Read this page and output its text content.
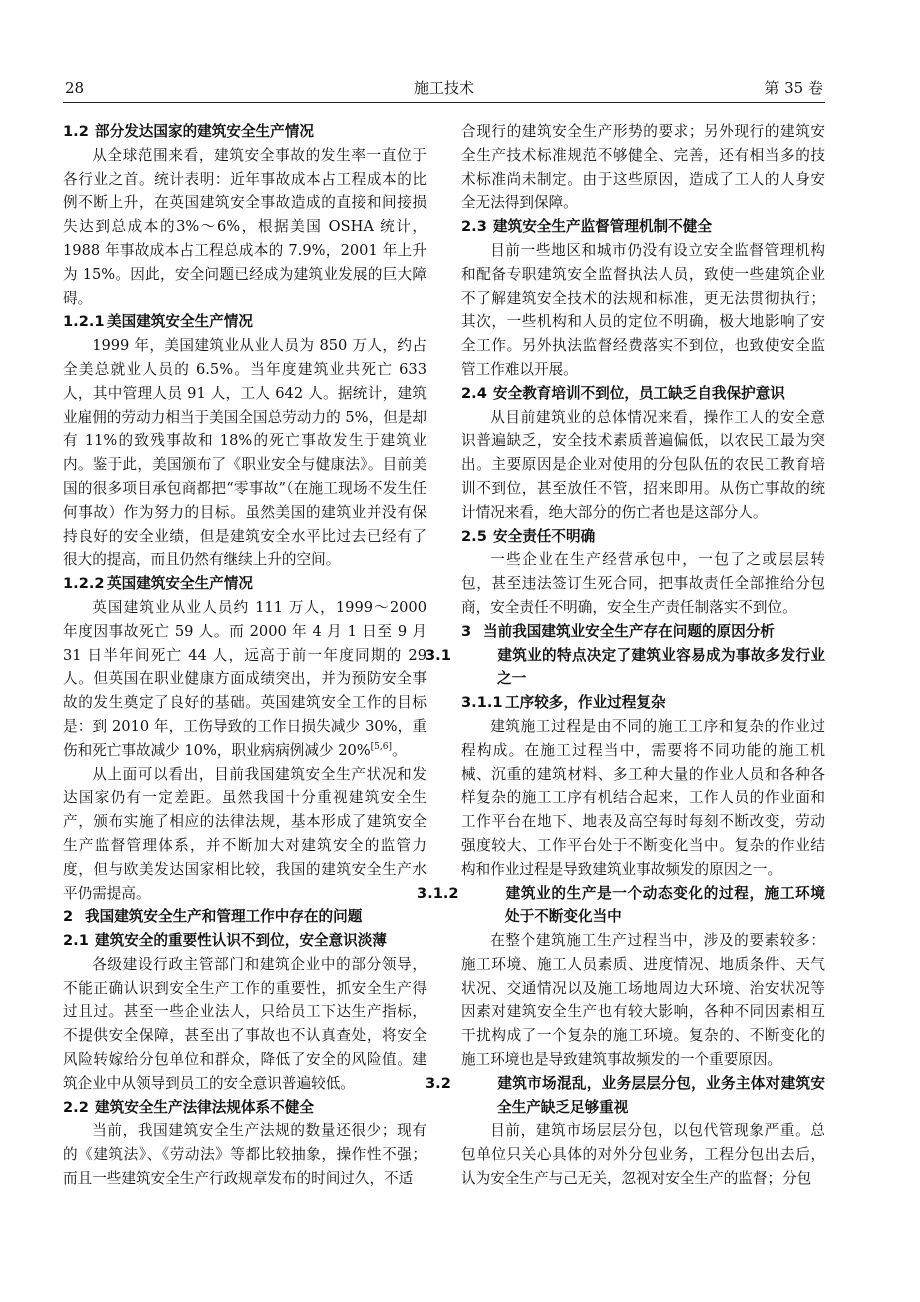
28	施工技术	第 35 卷
1.2 部分发达国家的建筑安全生产情况

从全球范围来看，建筑安全事故的发生率一直位于各行业之首。统计表明：近年事故成本占工程成本的比例不断上升，在英国建筑安全事故造成的直接和间接损失达到总成本的3%～6%，根据美国 OSHA 统计，1988 年事故成本占工程总成本的 7.9%，2001 年上升为 15%。因此，安全问题已经成为建筑业发展的巨大障碍。

1.2.1 美国建筑安全生产情况

1999 年，美国建筑业从业人员为 850 万人，约占全美总就业人员的 6.5%。当年度建筑业共死亡 633 人，其中管理人员 91 人，工人 642 人。据统计，建筑业雇佣的劳动力相当于美国全国总劳动力的 5%，但是却有 11%的致残事故和 18%的死亡事故发生于建筑业内。鉴于此，美国颁布了《职业安全与健康法》。目前美国的很多项目承包商都把“零事故”（在施工现场不发生任何事故）作为努力的目标。虽然美国的建筑业并没有保持良好的安全业绩，但是建筑安全水平比过去已经有了很大的提高，而且仍然有继续上升的空间。

1.2.2 英国建筑安全生产情况

英国建筑业从业人员约 111 万人，1999～2000 年度因事故死亡 59 人。而 2000 年 4 月 1 日至 9 月 31 日半年间死亡 44 人，远高于前一年度同期的 29 人。但英国在职业健康方面成绩突出，并为预防安全事故的发生奠定了良好的基础。英国建筑安全工作的目标是：到 2010 年，工伤导致的工作日损失减少 30%，重伤和死亡事故减少 10%，职业病病例减少 20%[5,6]。

从上面可以看出，目前我国建筑安全生产状况和发达国家仍有一定差距。虽然我国十分重视建筑安全生产，颁布实施了相应的法律法规，基本形成了建筑安全生产监督管理体系，并不断加大对建筑安全的监管力度，但与欧美发达国家相比较，我国的建筑安全生产水平仍需提高。

2 我国建筑安全生产和管理工作中存在的问题
2.1 建筑安全的重要性认识不到位，安全意识淡薄

各级建设行政主管部门和建筑企业中的部分领导，不能正确认识到安全生产工作的重要性，抓安全生产得过且过。甚至一些企业法人，只给员工下达生产指标，不提供安全保障，甚至出了事故也不认真查处，将安全风险转嫁给分包单位和群众，降低了安全的风险值。建筑企业中从领导到员工的安全意识普遍较低。

2.2 建筑安全生产法律法规体系不健全

当前，我国建筑安全生产法规的数量还很少；现有的《建筑法》、《劳动法》等都比较抽象，操作性不强；而且一些建筑安全生产行政规章发布的时间过久，不适

合现行的建筑安全生产形势的要求；另外现行的建筑安全生产技术标准规范不够健全、完善，还有相当多的技术标准尚未制定。由于这些原因，造成了工人的人身安全无法得到保障。

2.3 建筑安全生产监督管理机制不健全

目前一些地区和城市仍没有设立安全监督管理机构和配备专职建筑安全监督执法人员，致使一些建筑企业不了解建筑安全技术的法规和标准，更无法贯彻执行；其次，一些机构和人员的定位不明确，极大地影响了安全工作。另外执法监督经费落实不到位，也致使安全监管工作难以开展。

2.4 安全教育培训不到位，员工缺乏自我保护意识

从目前建筑业的总体情况来看，操作工人的安全意识普遍缺乏，安全技术素质普遍偏低，以农民工最为突出。主要原因是企业对使用的分包队伍的农民工教育培训不到位，甚至放任不管，招来即用。从伤亡事故的统计情况来看，绝大部分的伤亡者也是这部分人。

2.5 安全责任不明确

一些企业在生产经营承包中，一包了之或层层转包，甚至违法签订生死合同，把事故责任全部推给分包商，安全责任不明确，安全生产责任制落实不到位。

3 当前我国建筑业安全生产存在问题的原因分析
3.1	建筑业的特点决定了建筑业容易成为事故多发行业之一
3.1.1 工序较多，作业过程复杂

建筑施工过程是由不同的施工工序和复杂的作业过程构成。在施工过程当中，需要将不同功能的施工机械、沉重的建筑材料、多工种大量的作业人员和各种各样复杂的施工工序有机结合起来，工作人员的作业面和工作平台在地下、地表及高空每时每刻不断改变，劳动强度较大、工作平台处于不断变化当中。复杂的作业结构和作业过程是导致建筑业事故频发的原因之一。

3.1.2	建筑业的生产是一个动态变化的过程，施工环境处于不断变化当中

在整个建筑施工生产过程当中，涉及的要素较多：施工环境、施工人员素质、进度情况、地质条件、天气状况、交通情况以及施工场地周边大环境、治安状况等因素对建筑安全生产也有较大影响，各种不同因素相互干扰构成了一个复杂的施工环境。复杂的、不断变化的施工环境也是导致建筑事故频发的一个重要原因。

3.2	建筑市场混乱，业务层层分包，业务主体对建筑安全生产缺乏足够重视

目前，建筑市场层层分包，以包代管现象严重。总包单位只关心具体的对外分包业务，工程分包出去后，认为安全生产与己无关，忽视对安全生产的监督；分包
